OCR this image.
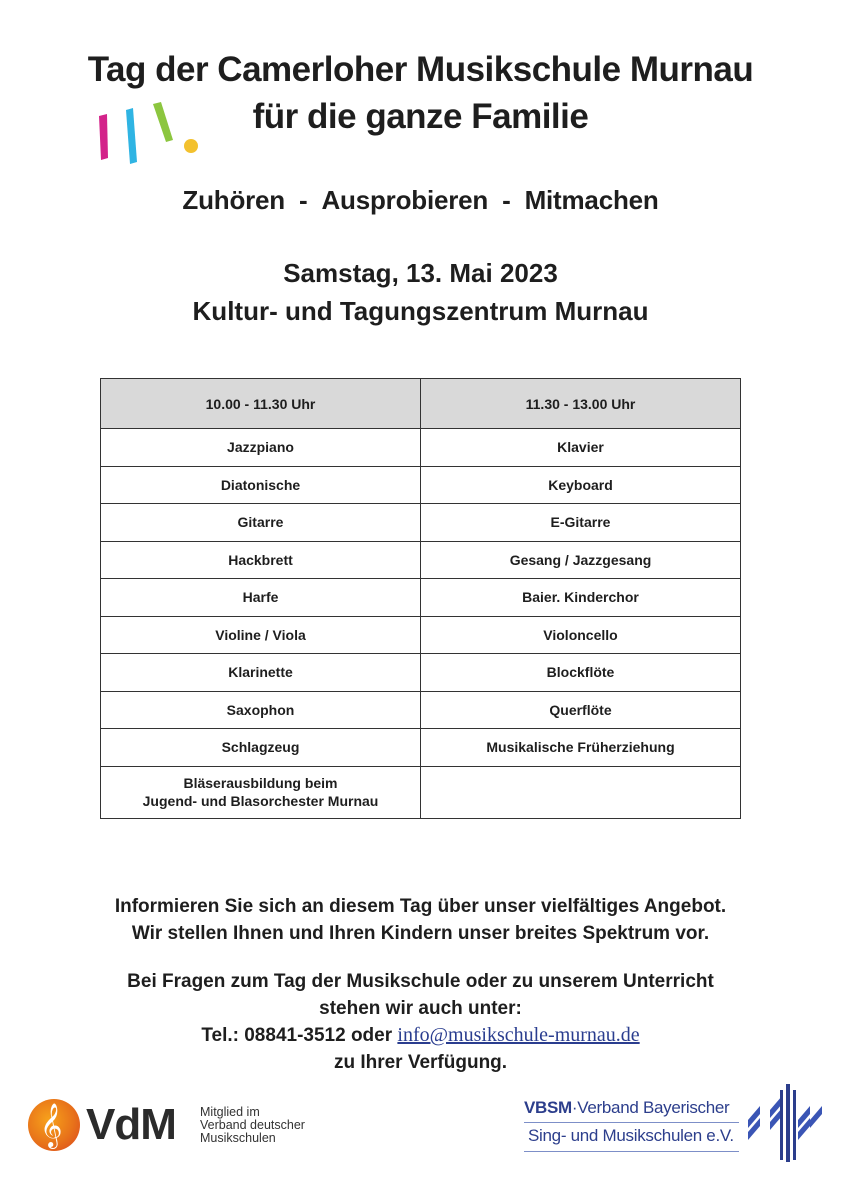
Tag der Camerloher Musikschule Murnau
für die ganze Familie
Zuhören - Ausprobieren - Mitmachen
Samstag, 13. Mai 2023
Kultur- und Tagungszentrum Murnau
10.00 - 11.30 Uhr	11.30 - 13.00 Uhr
Jazzpiano	Klavier
Diatonische	Keyboard
Gitarre	E-Gitarre
Hackbrett	Gesang / Jazzgesang
Harfe	Baier. Kinderchor
Violine / Viola	Violoncello
Klarinette	Blockflöte
Saxophon	Querflöte
Schlagzeug	Musikalische Früherziehung

Bläserausbildung beim
Jugend- und Blasorchester Murnau	

Informieren Sie sich an diesem Tag über unser vielfältiges Angebot.
Wir stellen Ihnen und Ihren Kindern unser breites Spektrum vor.
Bei Fragen zum Tag der Musikschule oder zu unserem Unterricht
stehen wir auch unter:
Tel.: 08841-3512 oder info@musikschule-murnau.de
zu Ihrer Verfügung.
𝄞 VdM Mitglied im
Verband deutscher
Musikschulen
VBSM·Verband Bayerischer
Sing- und Musikschulen e.V.
